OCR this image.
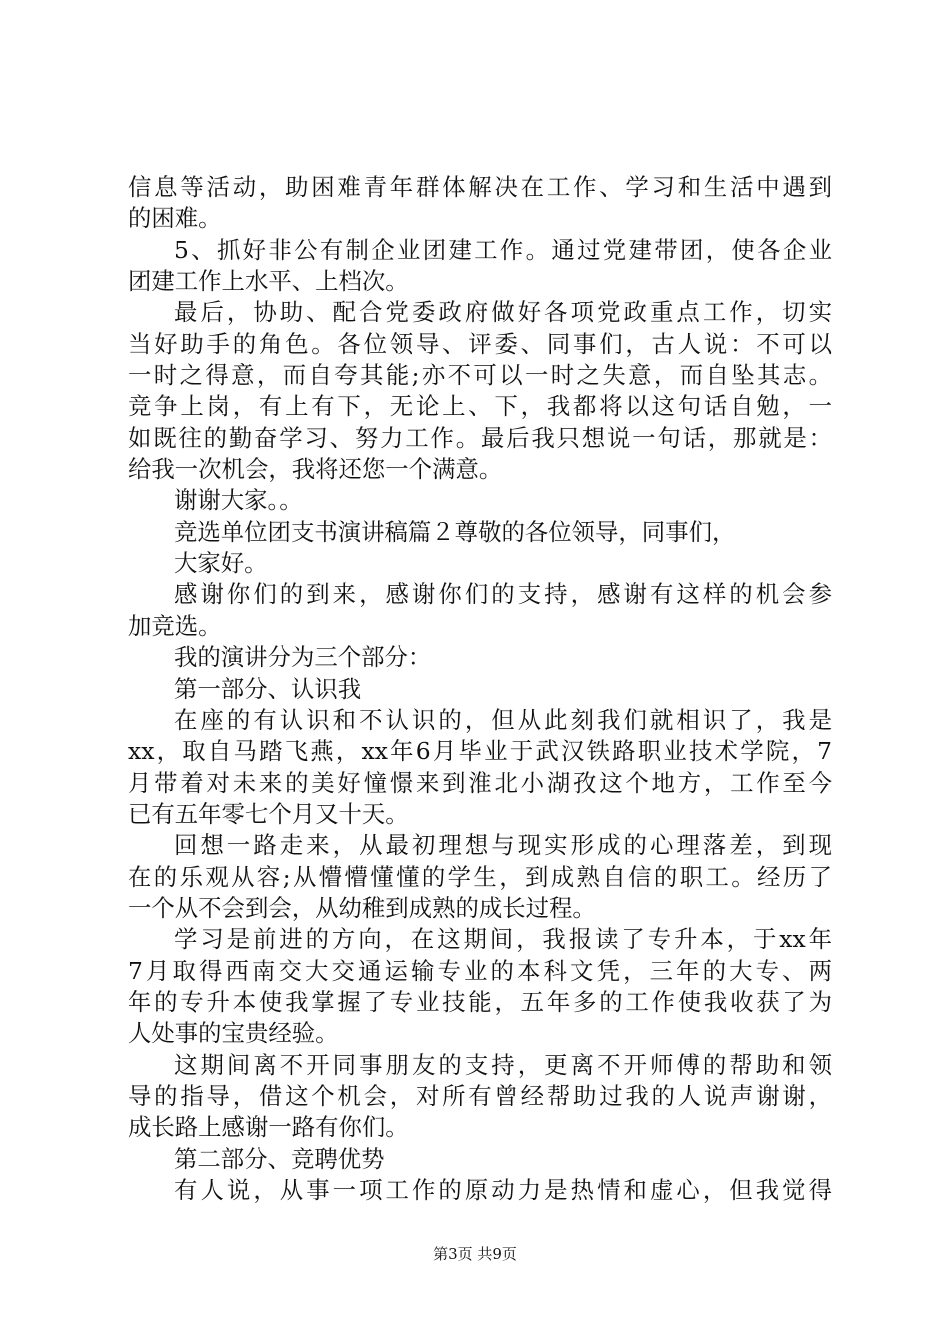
信息等活动，助困难青年群体解决在工作、学习和生活中遇到
的困难。
5、抓好非公有制企业团建工作。通过党建带团，使各企业
团建工作上水平、上档次。
最后，协助、配合党委政府做好各项党政重点工作，切实
当好助手的角色。各位领导、评委、同事们，古人说：不可以
一时之得意，而自夸其能;亦不可以一时之失意，而自坠其志。
竞争上岗，有上有下，无论上、下，我都将以这句话自勉，一
如既往的勤奋学习、努力工作。最后我只想说一句话，那就是：
给我一次机会，我将还您一个满意。
谢谢大家。。
竞选单位团支书演讲稿篇２尊敬的各位领导，同事们，
大家好。
感谢你们的到来，感谢你们的支持，感谢有这样的机会参
加竞选。
我的演讲分为三个部分：
第一部分、认识我
在座的有认识和不认识的，但从此刻我们就相识了，我是
xx，取自马踏飞燕，xx年6月毕业于武汉铁路职业技术学院，7
月带着对未来的美好憧憬来到淮北小湖孜这个地方，工作至今
已有五年零七个月又十天。
回想一路走来，从最初理想与现实形成的心理落差，到现
在的乐观从容;从懵懵懂懂的学生，到成熟自信的职工。经历了
一个从不会到会，从幼稚到成熟的成长过程。
学习是前进的方向，在这期间，我报读了专升本，于xx年
7月取得西南交大交通运输专业的本科文凭，三年的大专、两
年的专升本使我掌握了专业技能，五年多的工作使我收获了为
人处事的宝贵经验。
这期间离不开同事朋友的支持，更离不开师傅的帮助和领
导的指导，借这个机会，对所有曾经帮助过我的人说声谢谢，
成长路上感谢一路有你们。
第二部分、竞聘优势
有人说，从事一项工作的原动力是热情和虚心，但我觉得
第3页 共9页
